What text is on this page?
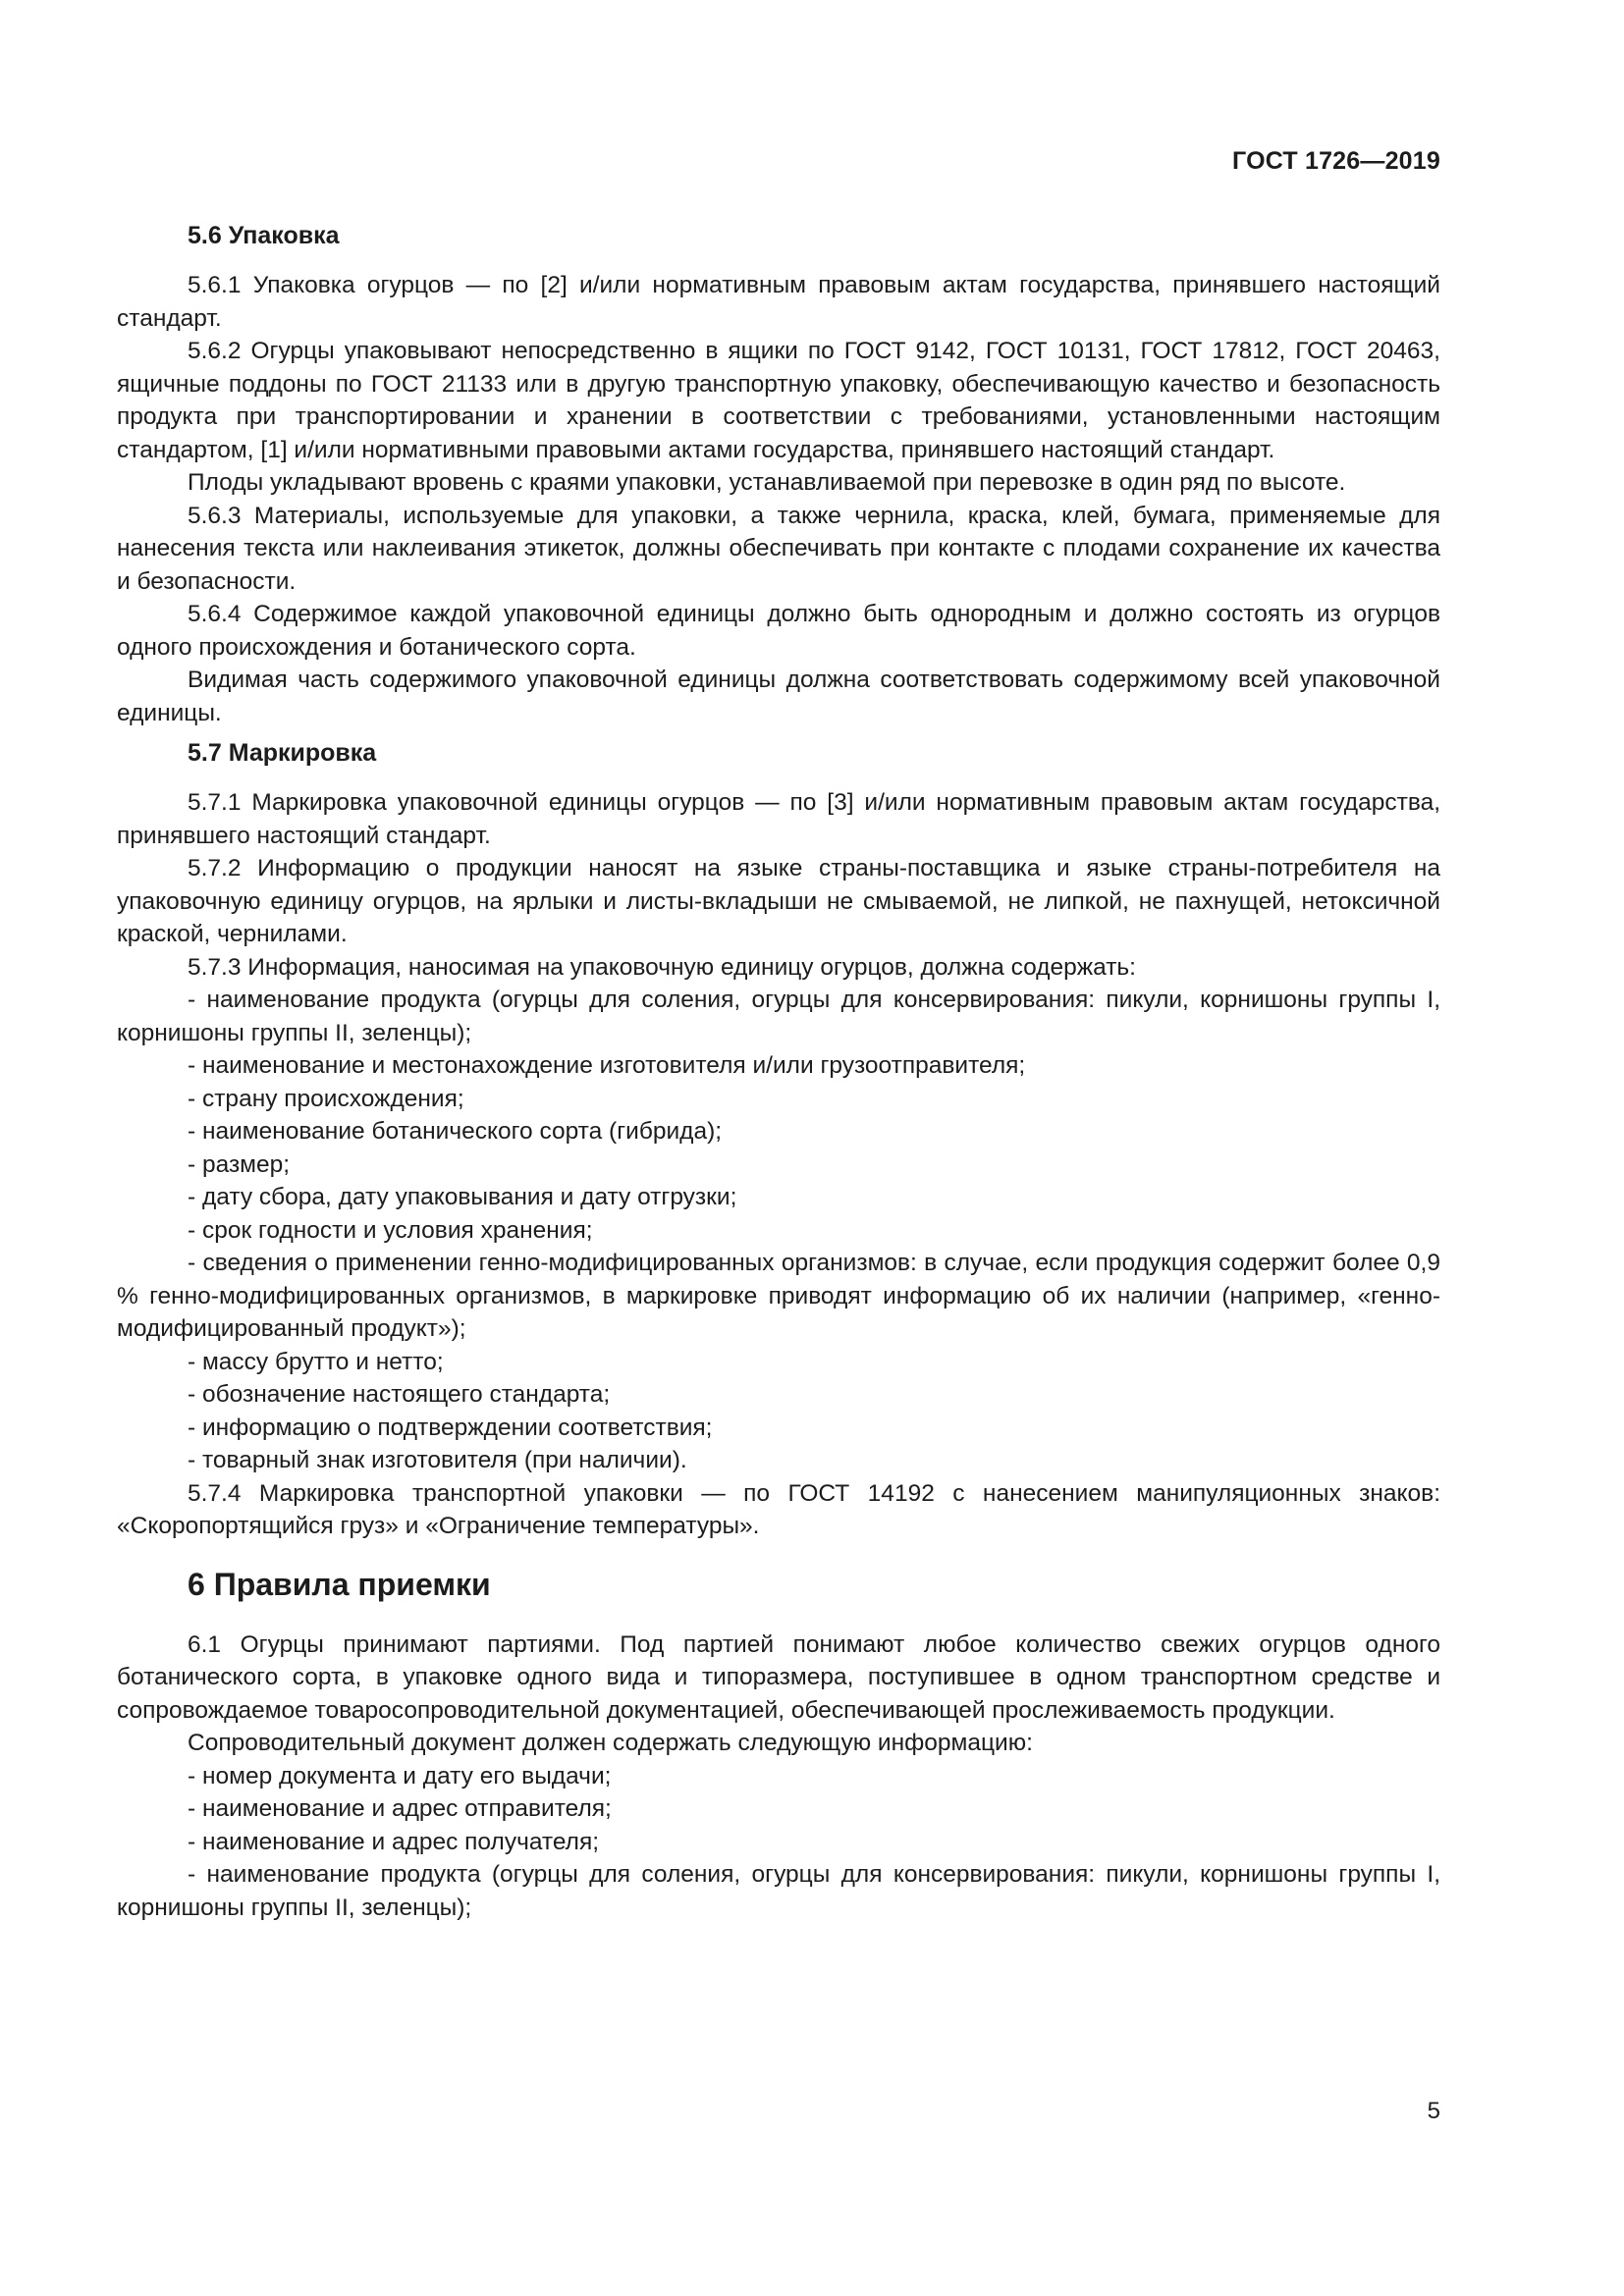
ГОСТ 1726—2019
5.6 Упаковка

5.6.1 Упаковка огурцов — по [2] и/или нормативным правовым актам государства, принявшего настоящий стандарт.

5.6.2 Огурцы упаковывают непосредственно в ящики по ГОСТ 9142, ГОСТ 10131, ГОСТ 17812, ГОСТ 20463, ящичные поддоны по ГОСТ 21133 или в другую транспортную упаковку, обеспечивающую качество и безопасность продукта при транспортировании и хранении в соответствии с требованиями, установленными настоящим стандартом, [1] и/или нормативными правовыми актами государства, принявшего настоящий стандарт.

Плоды укладывают вровень с краями упаковки, устанавливаемой при перевозке в один ряд по высоте.

5.6.3 Материалы, используемые для упаковки, а также чернила, краска, клей, бумага, применяемые для нанесения текста или наклеивания этикеток, должны обеспечивать при контакте с плодами сохранение их качества и безопасности.

5.6.4 Содержимое каждой упаковочной единицы должно быть однородным и должно состоять из огурцов одного происхождения и ботанического сорта.

Видимая часть содержимого упаковочной единицы должна соответствовать содержимому всей упаковочной единицы.

5.7 Маркировка

5.7.1 Маркировка упаковочной единицы огурцов — по [3] и/или нормативным правовым актам государства, принявшего настоящий стандарт.

5.7.2 Информацию о продукции наносят на языке страны-поставщика и языке страны-потребителя на упаковочную единицу огурцов, на ярлыки и листы-вкладыши не смываемой, не липкой, не пахнущей, нетоксичной краской, чернилами.

5.7.3 Информация, наносимая на упаковочную единицу огурцов, должна содержать:

- наименование продукта (огурцы для соления, огурцы для консервирования: пикули, корнишоны группы I, корнишоны группы II, зеленцы);

- наименование и местонахождение изготовителя и/или грузоотправителя;

- страну происхождения;

- наименование ботанического сорта (гибрида);

- размер;

- дату сбора, дату упаковывания и дату отгрузки;

- срок годности и условия хранения;

- сведения о применении генно-модифицированных организмов: в случае, если продукция содержит более 0,9 % генно-модифицированных организмов, в маркировке приводят информацию об их наличии (например, «генно-модифицированный продукт»);

- массу брутто и нетто;

- обозначение настоящего стандарта;

- информацию о подтверждении соответствия;

- товарный знак изготовителя (при наличии).

5.7.4 Маркировка транспортной упаковки — по ГОСТ 14192 с нанесением манипуляционных знаков: «Скоропортящийся груз» и «Ограничение температуры».

6 Правила приемки

6.1 Огурцы принимают партиями. Под партией понимают любое количество свежих огурцов одного ботанического сорта, в упаковке одного вида и типоразмера, поступившее в одном транспортном средстве и сопровождаемое товаросопроводительной документацией, обеспечивающей прослеживаемость продукции.

Сопроводительный документ должен содержать следующую информацию:

- номер документа и дату его выдачи;

- наименование и адрес отправителя;

- наименование и адрес получателя;

- наименование продукта (огурцы для соления, огурцы для консервирования: пикули, корнишоны группы I, корнишоны группы II, зеленцы);

5
